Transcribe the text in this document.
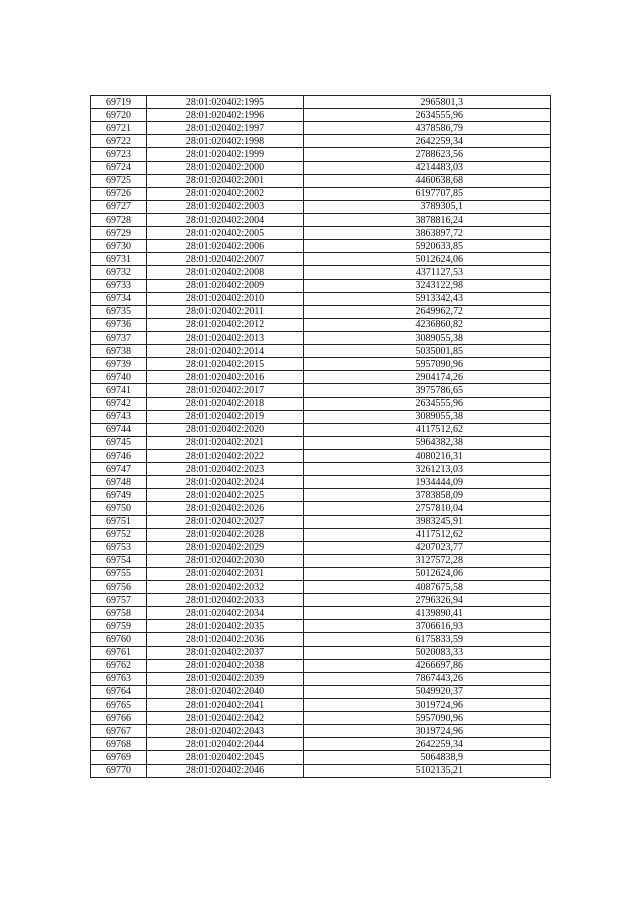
69719	28:01:020402:1995	2965801,3
69720	28:01:020402:1996	2634555,96
69721	28:01:020402:1997	4378586,79
69722	28:01:020402:1998	2642259,34
69723	28:01:020402:1999	2788623,56
69724	28:01:020402:2000	4214483,03
69725	28:01:020402:2001	4460638,68
69726	28:01:020402:2002	6197707,85
69727	28:01:020402:2003	3789305,1
69728	28:01:020402:2004	3878816,24
69729	28:01:020402:2005	3863897,72
69730	28:01:020402:2006	5920633,85
69731	28:01:020402:2007	5012624,06
69732	28:01:020402:2008	4371127,53
69733	28:01:020402:2009	3243122,98
69734	28:01:020402:2010	5913342,43
69735	28:01:020402:2011	2649962,72
69736	28:01:020402:2012	4236860,82
69737	28:01:020402:2013	3089055,38
69738	28:01:020402:2014	5035001,85
69739	28:01:020402:2015	5957090,96
69740	28:01:020402:2016	2904174,26
69741	28:01:020402:2017	3975786,65
69742	28:01:020402:2018	2634555,96
69743	28:01:020402:2019	3089055,38
69744	28:01:020402:2020	4117512,62
69745	28:01:020402:2021	5964382,38
69746	28:01:020402:2022	4080216,31
69747	28:01:020402:2023	3261213,03
69748	28:01:020402:2024	1934444,09
69749	28:01:020402:2025	3783858,09
69750	28:01:020402:2026	2757810,04
69751	28:01:020402:2027	3983245,91
69752	28:01:020402:2028	4117512,62
69753	28:01:020402:2029	4207023,77
69754	28:01:020402:2030	3127572,28
69755	28:01:020402:2031	5012624,06
69756	28:01:020402:2032	4087675,58
69757	28:01:020402:2033	2796326,94
69758	28:01:020402:2034	4139890,41
69759	28:01:020402:2035	3706616,93
69760	28:01:020402:2036	6175833,59
69761	28:01:020402:2037	5020083,33
69762	28:01:020402:2038	4266697,86
69763	28:01:020402:2039	7867443,26
69764	28:01:020402:2040	5049920,37
69765	28:01:020402:2041	3019724,96
69766	28:01:020402:2042	5957090,96
69767	28:01:020402:2043	3019724,96
69768	28:01:020402:2044	2642259,34
69769	28:01:020402:2045	5064838,9
69770	28:01:020402:2046	5102135,21
